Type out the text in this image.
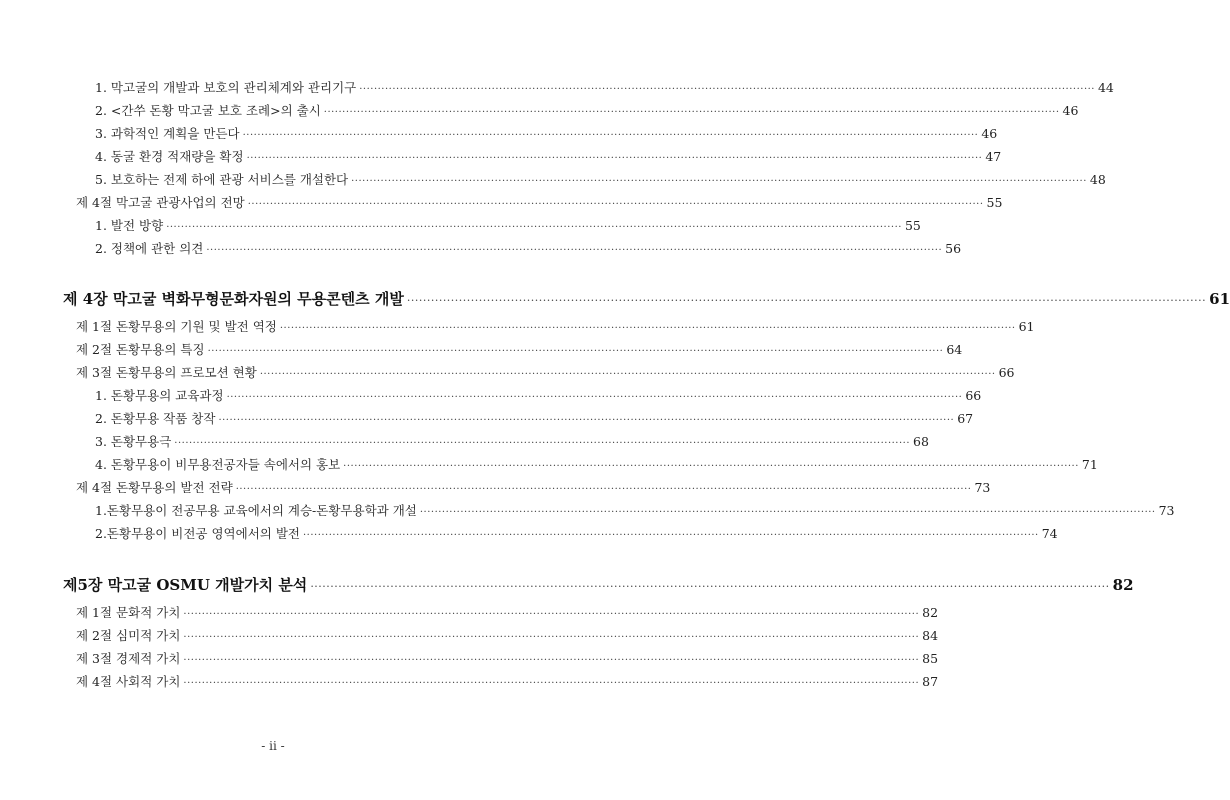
1. 막고굴의 개발과 보호의 관리체계와 관리기구 ········································································································································································································ 44
2. <간쑤 돈황 막고굴 보호 조례>의 출시 ········································································································································································································ 46
3. 과학적인 계획을 만든다 ········································································································································································································ 46
4. 동굴 환경 적재량을 확정 ········································································································································································································ 47
5. 보호하는 전제 하에 관광 서비스를 개설한다 ········································································································································································································ 48
제 4절 막고굴 관광사업의 전망 ········································································································································································································ 55
1. 발전 방향 ········································································································································································································ 55
2. 정책에 관한 의견 ········································································································································································································ 56
제 4장 막고굴 벽화무형문화자원의 무용콘텐츠 개발 ········································································································································································································ 61
제 1절 돈황무용의 기원 및 발전 역정 ········································································································································································································ 61
제 2절 돈황무용의 특징 ········································································································································································································ 64
제 3절 돈황무용의 프로모션 현황 ········································································································································································································ 66
1. 돈황무용의 교육과정 ········································································································································································································ 66
2. 돈황무용 작품 창작 ········································································································································································································ 67
3. 돈황무용극 ········································································································································································································ 68
4. 돈황무용이 비무용전공자들 속에서의 홍보 ········································································································································································································ 71
제 4절 돈황무용의 발전 전략 ········································································································································································································ 73
1.돈황무용이 전공무용 교육에서의 계승-돈황무용학과 개설 ········································································································································································································ 73
2.돈황무용이 비전공 영역에서의 발전 ········································································································································································································ 74
제5장 막고굴 OSMU 개발가치 분석 ········································································································································································································ 82
제 1절 문화적 가치 ········································································································································································································ 82
제 2절 심미적 가치 ········································································································································································································ 84
제 3절 경제적 가치 ········································································································································································································ 85
제 4절 사회적 가치 ········································································································································································································ 87
- ii -
